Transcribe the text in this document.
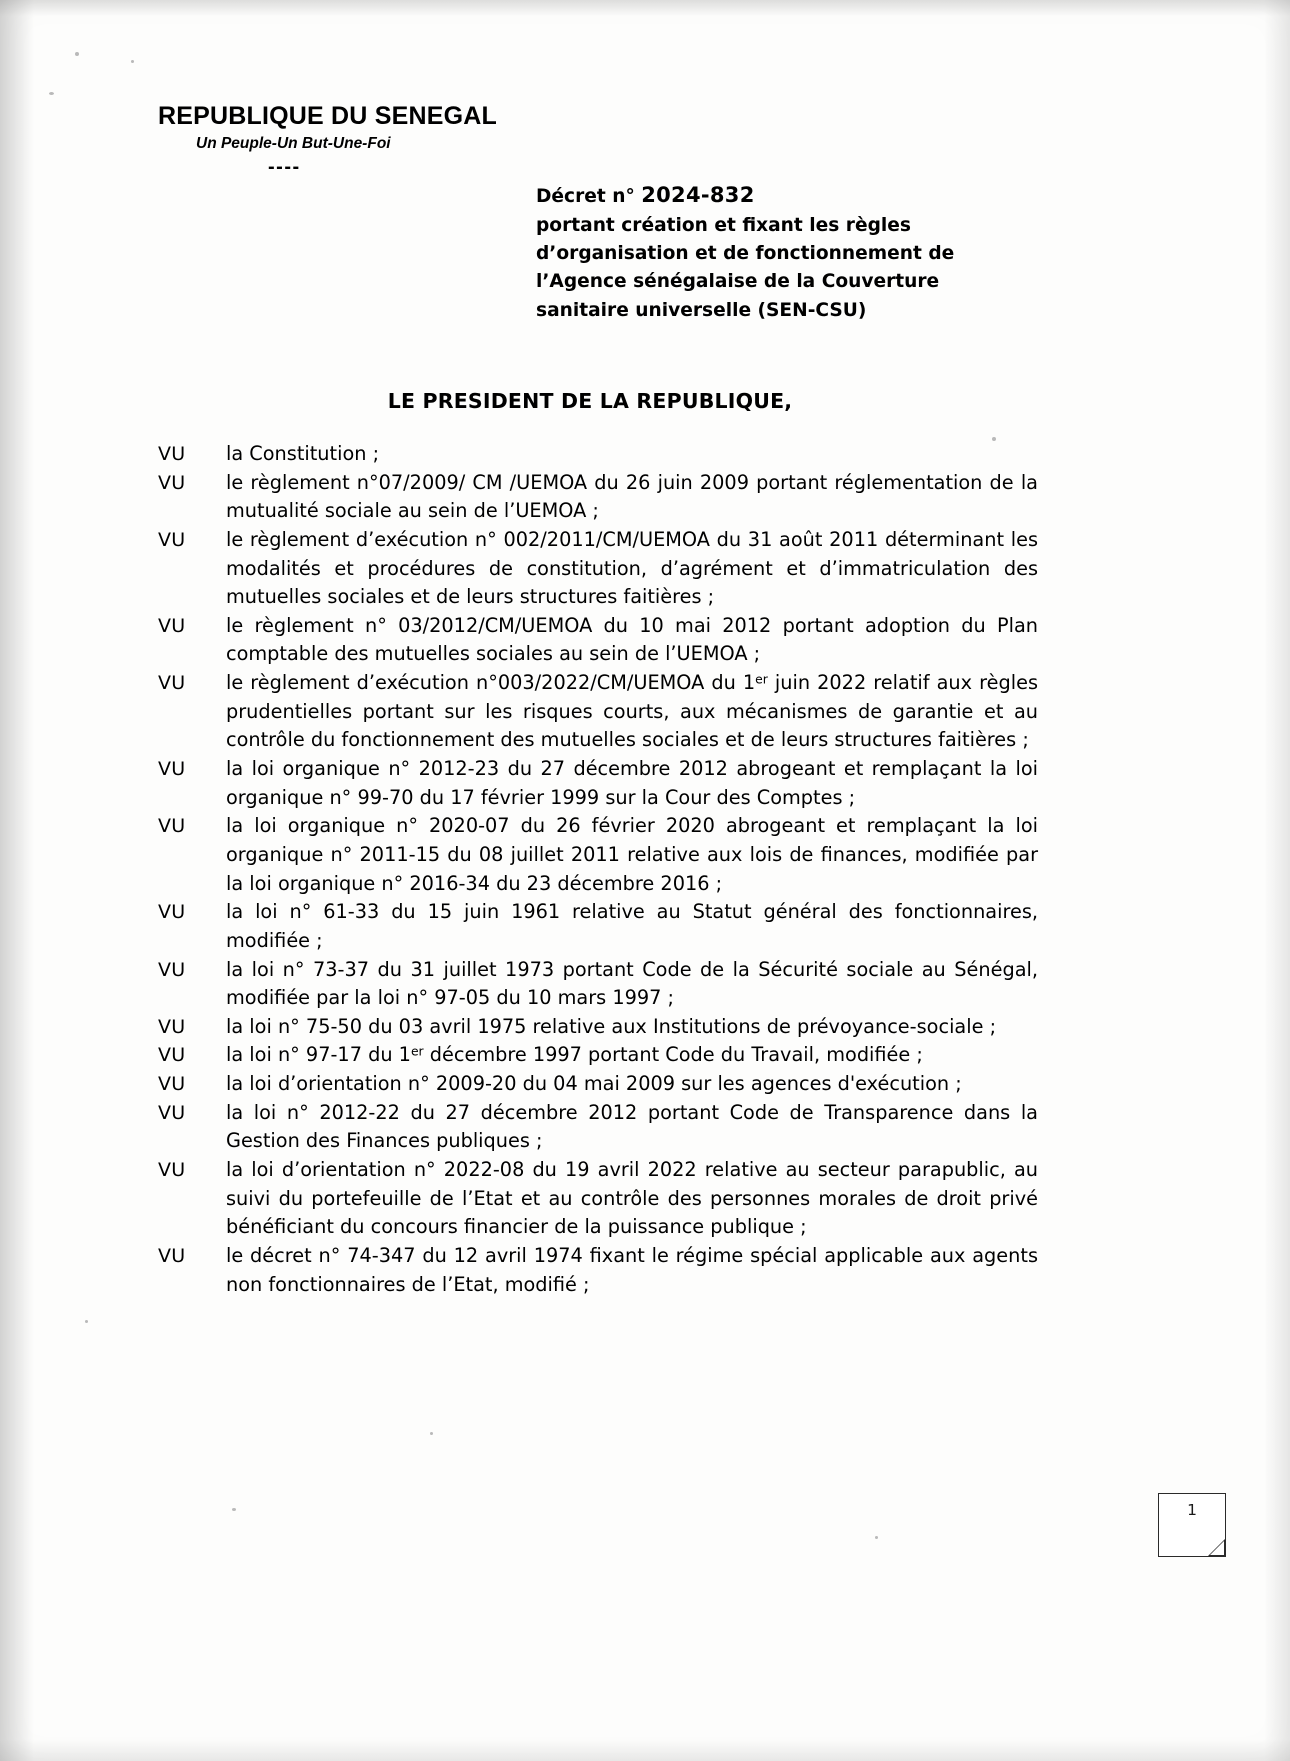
REPUBLIQUE DU SENEGAL
Un Peuple-Un But-Une-Foi
----
Décret n° 2024-832
portant création et fixant les règles
d’organisation et de fonctionnement de
l’Agence sénégalaise de la Couverture
sanitaire universelle (SEN-CSU)
LE PRESIDENT DE LA REPUBLIQUE,
VU	la Constitution ;
VU	le règlement n°07/2009/ CM /UEMOA du 26 juin 2009 portant réglementation de la mutualité sociale au sein de l’UEMOA ;
VU	le règlement d’exécution n° 002/2011/CM/UEMOA du 31 août 2011 déterminant les modalités et procédures de constitution, d’agrément et d’immatriculation des mutuelles sociales et de leurs structures faitières ;
VU	le règlement n° 03/2012/CM/UEMOA du 10 mai 2012 portant adoption du Plan comptable des mutuelles sociales au sein de l’UEMOA ;
VU	le règlement d’exécution n°003/2022/CM/UEMOA du 1er juin 2022 relatif aux règles prudentielles portant sur les risques courts, aux mécanismes de garantie et au contrôle du fonctionnement des mutuelles sociales et de leurs structures faitières ;
VU	la loi organique n° 2012-23 du 27 décembre 2012 abrogeant et remplaçant la loi organique n° 99-70 du 17 février 1999 sur la Cour des Comptes ;
VU	la loi organique n° 2020-07 du 26 février 2020 abrogeant et remplaçant la loi organique n° 2011-15 du 08 juillet 2011 relative aux lois de finances, modifiée par la loi organique n° 2016-34 du 23 décembre 2016 ;
VU	la loi n° 61-33 du 15 juin 1961 relative au Statut général des fonctionnaires, modifiée ;
VU	la loi n° 73-37 du 31 juillet 1973 portant Code de la Sécurité sociale au Sénégal, modifiée par la loi n° 97-05 du 10 mars 1997 ;
VU	la loi n° 75-50 du 03 avril 1975 relative aux Institutions de prévoyance-sociale ;
VU	la loi n° 97-17 du 1er décembre 1997 portant Code du Travail, modifiée ;
VU	la loi d’orientation n° 2009-20 du 04 mai 2009 sur les agences d'exécution ;
VU	la loi n° 2012-22 du 27 décembre 2012 portant Code de Transparence dans la Gestion des Finances publiques ;
VU	la loi d’orientation n° 2022-08 du 19 avril 2022 relative au secteur parapublic, au suivi du portefeuille de l’Etat et au contrôle des personnes morales de droit privé bénéficiant du concours financier de la puissance publique ;
VU	le décret n° 74-347 du 12 avril 1974 fixant le régime spécial applicable aux agents non fonctionnaires de l’Etat, modifié ;
1
